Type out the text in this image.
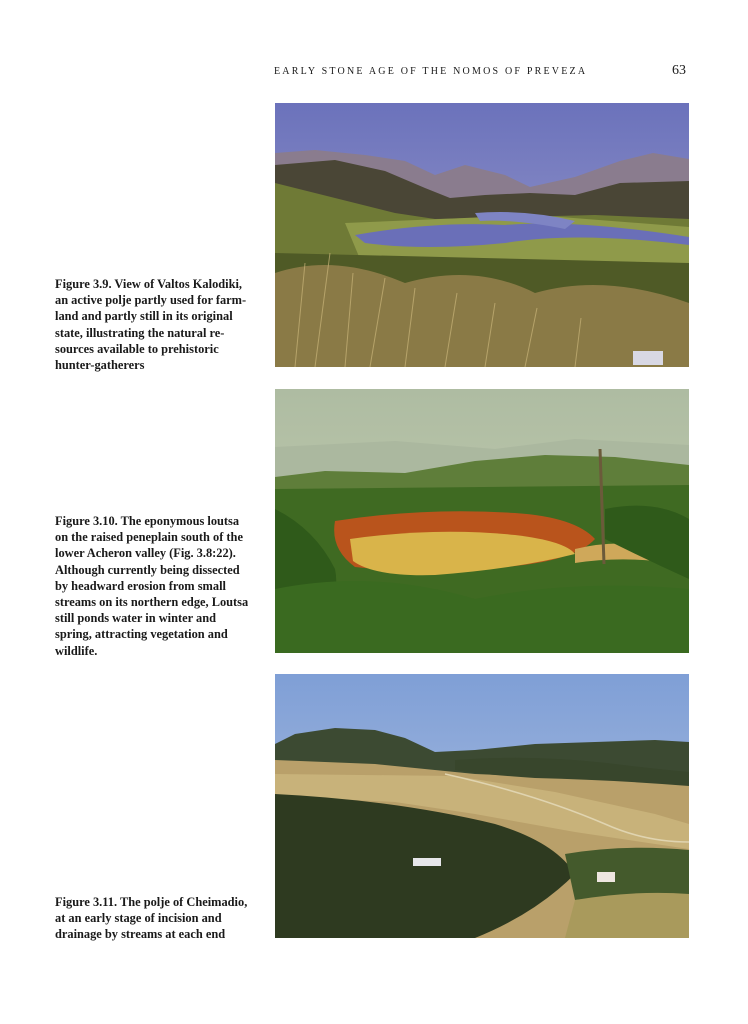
EARLY STONE AGE OF THE NOMOS OF PREVEZA	63
Figure 3.9. View of Valtos Kalodiki,
an active polje partly used for farm-
land and partly still in its original
state, illustrating the natural re-
sources available to prehistoric
hunter-gatherers
Figure 3.10. The eponymous loutsa
on the raised peneplain south of the
lower Acheron valley (Fig. 3.8:22).
Although currently being dissected
by headward erosion from small
streams on its northern edge, Loutsa
still ponds water in winter and
spring, attracting vegetation and
wildlife.
Figure 3.11. The polje of Cheimadio,
at an early stage of incision and
drainage by streams at each end
